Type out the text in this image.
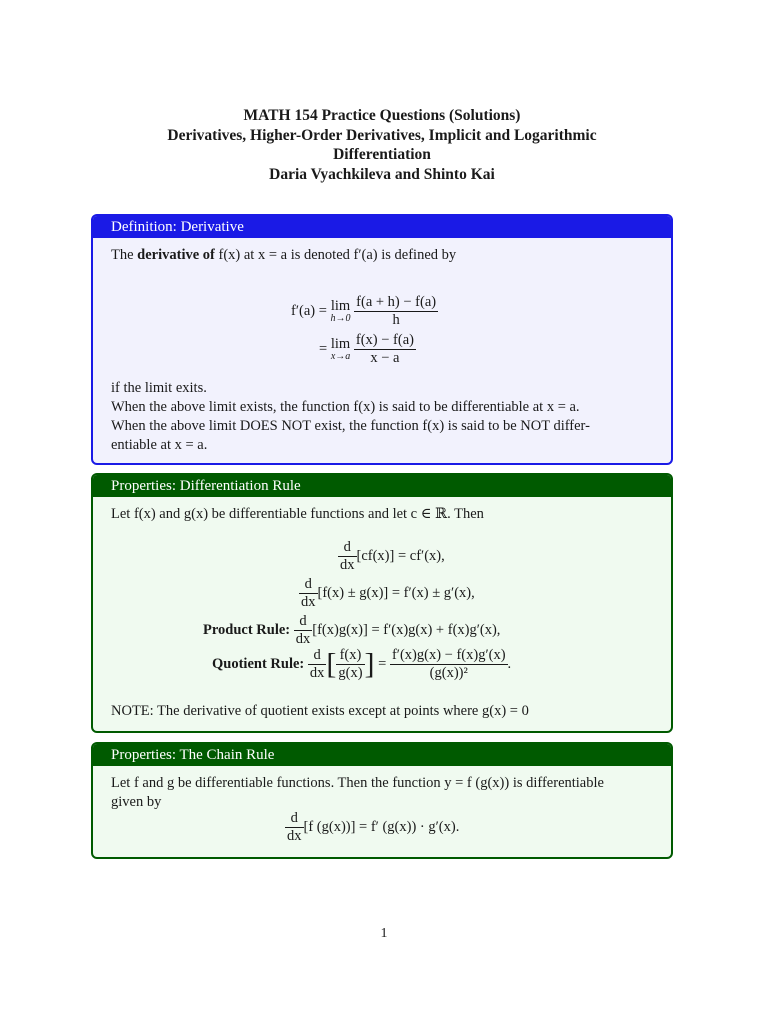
MATH 154 Practice Questions (Solutions)
Derivatives, Higher-Order Derivatives, Implicit and Logarithmic
Differentiation
Daria Vyachkileva and Shinto Kai
Definition: Derivative
The derivative of f(x) at x = a is denoted f′(a) is defined by
f′(a) = lim
h→0
$\frac{f(a + h) - f(a)}{h}$
= lim
x→a
$\frac{f(x) - f(a)}{x - a}$
if the limit exits.
When the above limit exists, the function f(x) is said to be differentiable at x = a.
When the above limit DOES NOT exist, the function f(x) is said to be NOT differ-
entiable at x = a.
Properties: Differentiation Rule
Let f(x) and g(x) be differentiable functions and let c ∈ ℝ. Then
$\frac{d}{dx} [cf(x)] = cf'(x)$,
$\frac{d}{dx} [f(x) \pm g(x)] = f'(x) \pm g'(x)$,
Product Rule: $\frac{d}{dx} [f(x)g(x)] = f'(x)g(x) + f(x)g'(x)$,
Quotient Rule: $\frac{d}{dx}$ [ $\frac{f(x)}{g(x)}$ ] = $\frac{f'(x)g(x) - f(x)g'(x)}{\text{(g(x))²}}$ .
NOTE: The derivative of quotient exists except at points where g(x) = 0
Properties: The Chain Rule
Let f and g be differentiable functions. Then the function y = f (g(x)) is differentiable
given by
$\frac{d}{dx} [f$ (g(x))] = f′ (g(x)) · g′(x).
1
